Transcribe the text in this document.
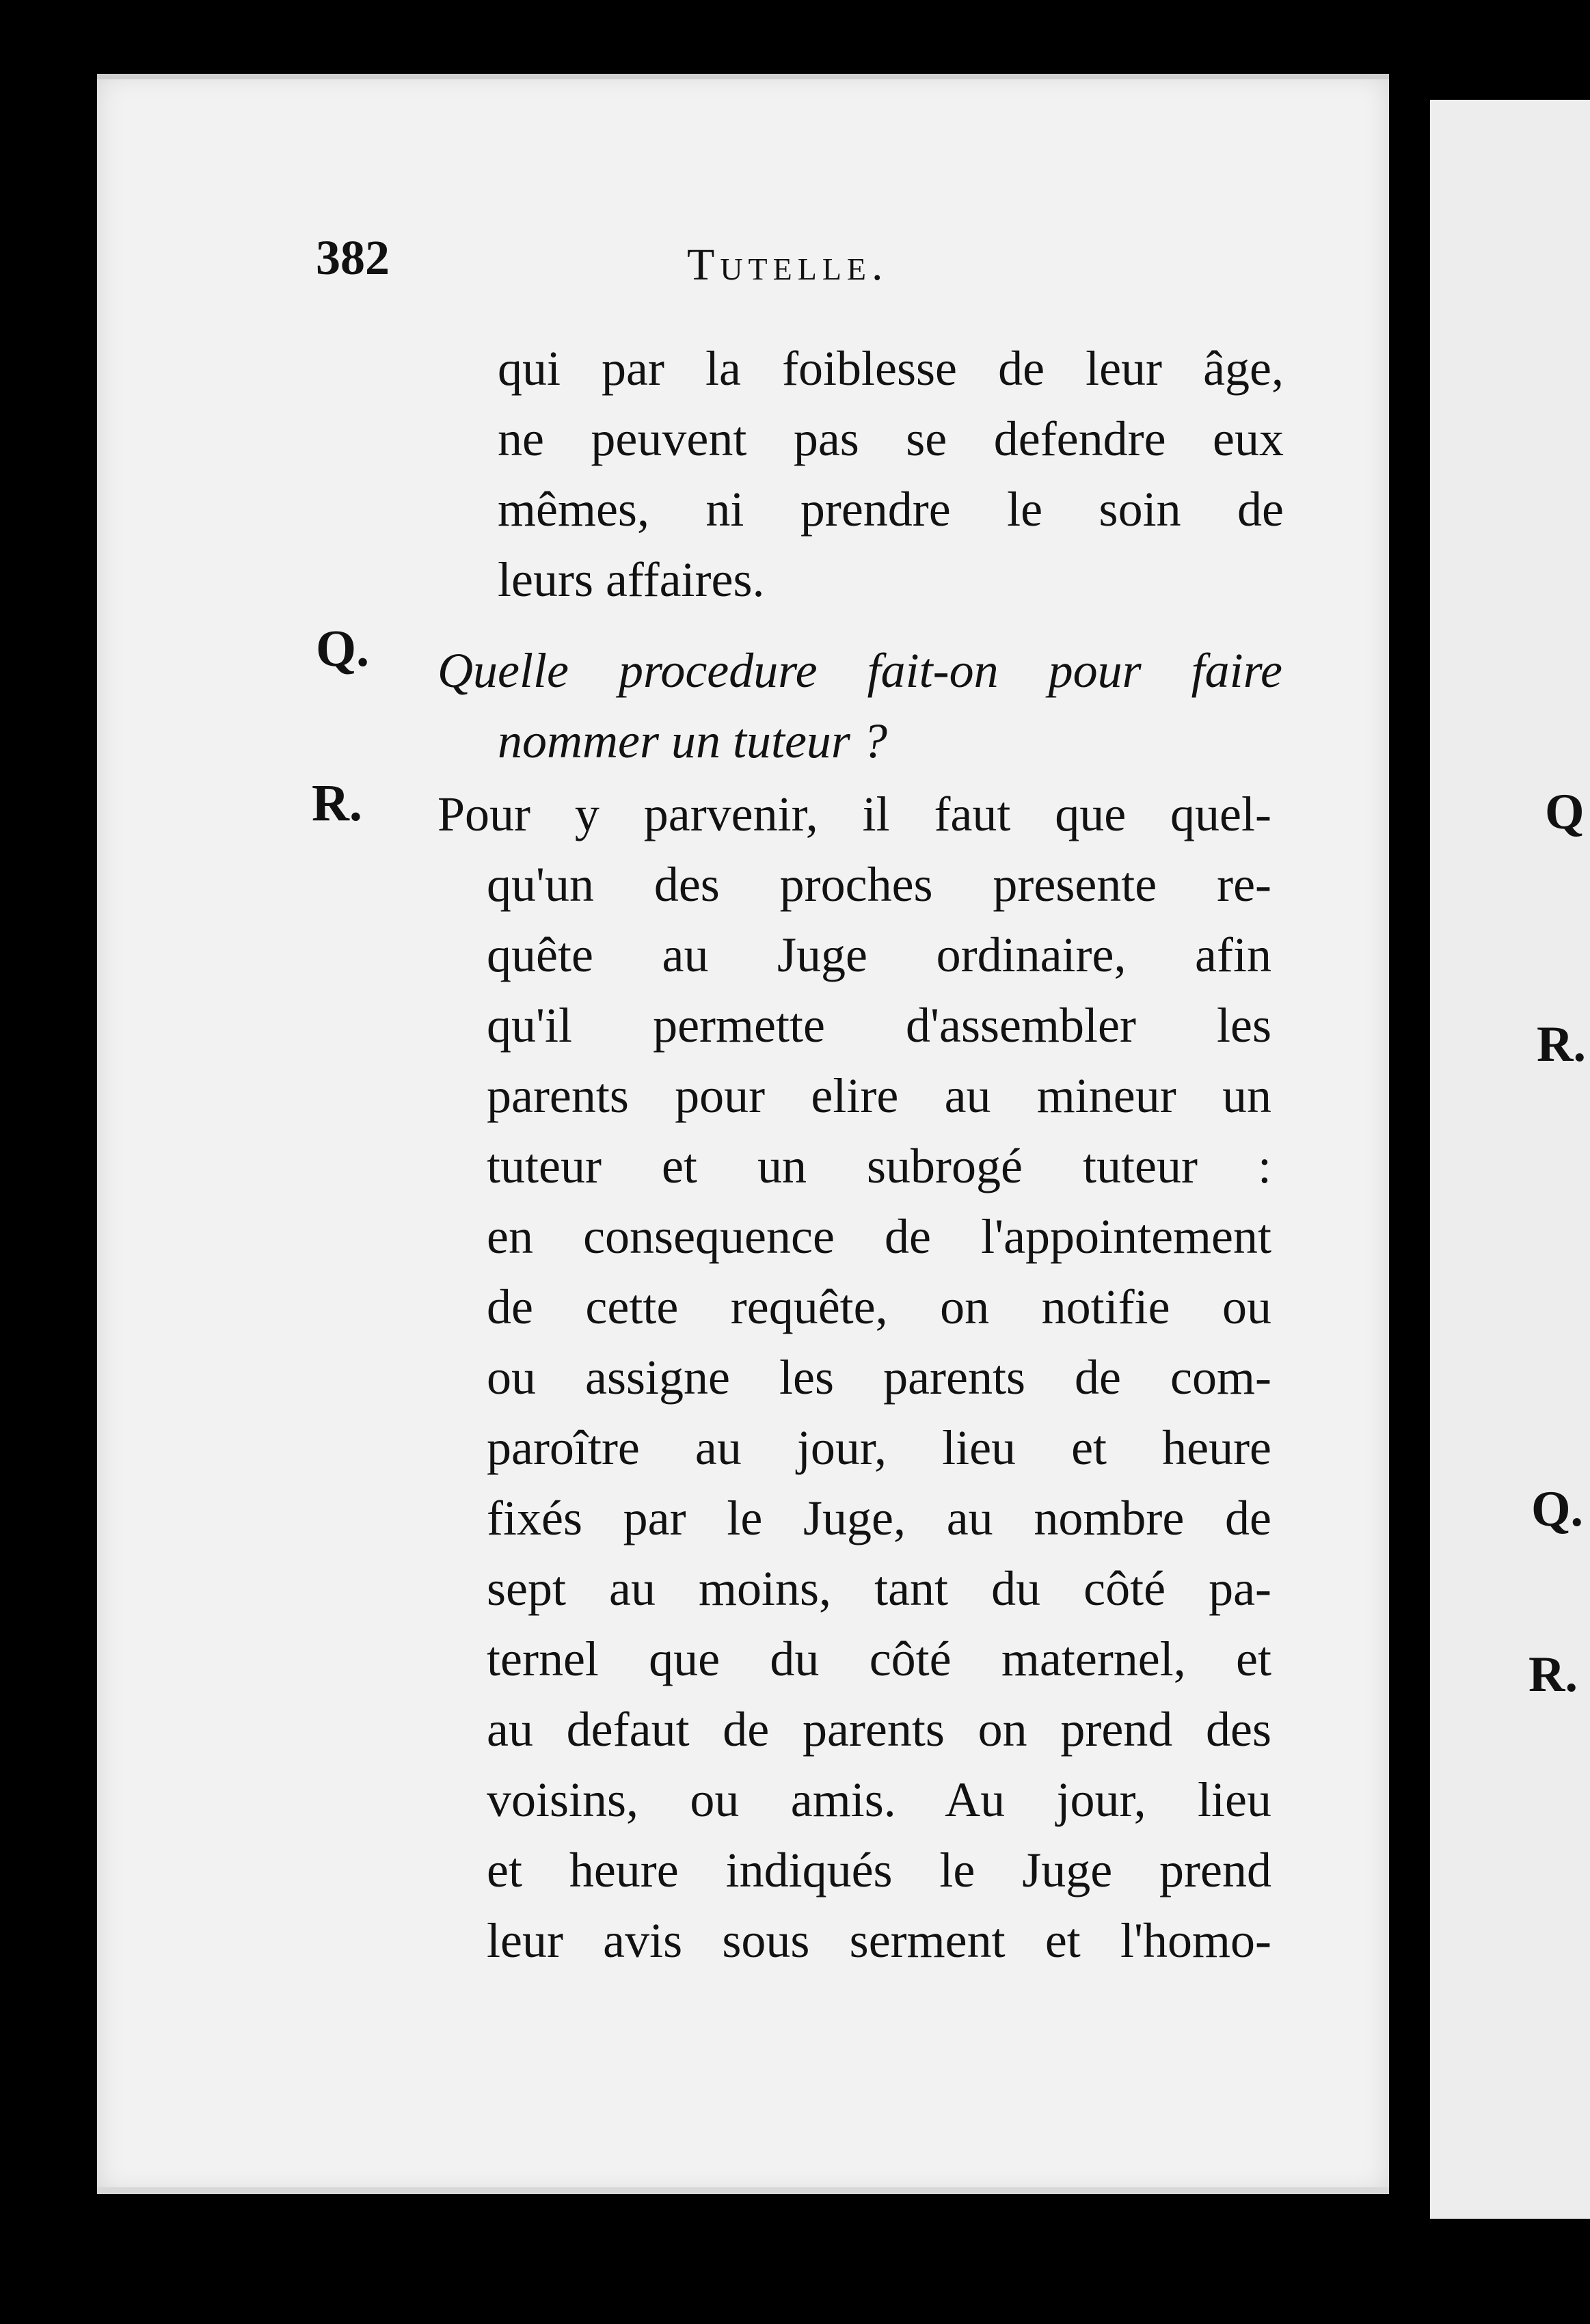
Q
R.
Q.
R.
382	Tutelle.
qui par la foiblesse de leur âge,
ne peuvent pas se defendre eux
mêmes, ni prendre le soin de
leurs affaires.
Q. Quelle procedure fait-on pour faire
nommer un tuteur ?
R. Pour y parvenir, il faut que quel-
qu'un des proches presente re-
quête au Juge ordinaire, afin
qu'il permette d'assembler les
parents pour elire au mineur un
tuteur et un subrogé tuteur :
en consequence de l'appointement
de cette requête, on notifie ou
ou assigne les parents de com-
paroître au jour, lieu et heure
fixés par le Juge, au nombre de
sept au moins, tant du côté pa-
ternel que du côté maternel, et
au defaut de parents on prend des
voisins, ou amis. Au jour, lieu
et heure indiqués le Juge prend
leur avis sous serment et l'homo-
